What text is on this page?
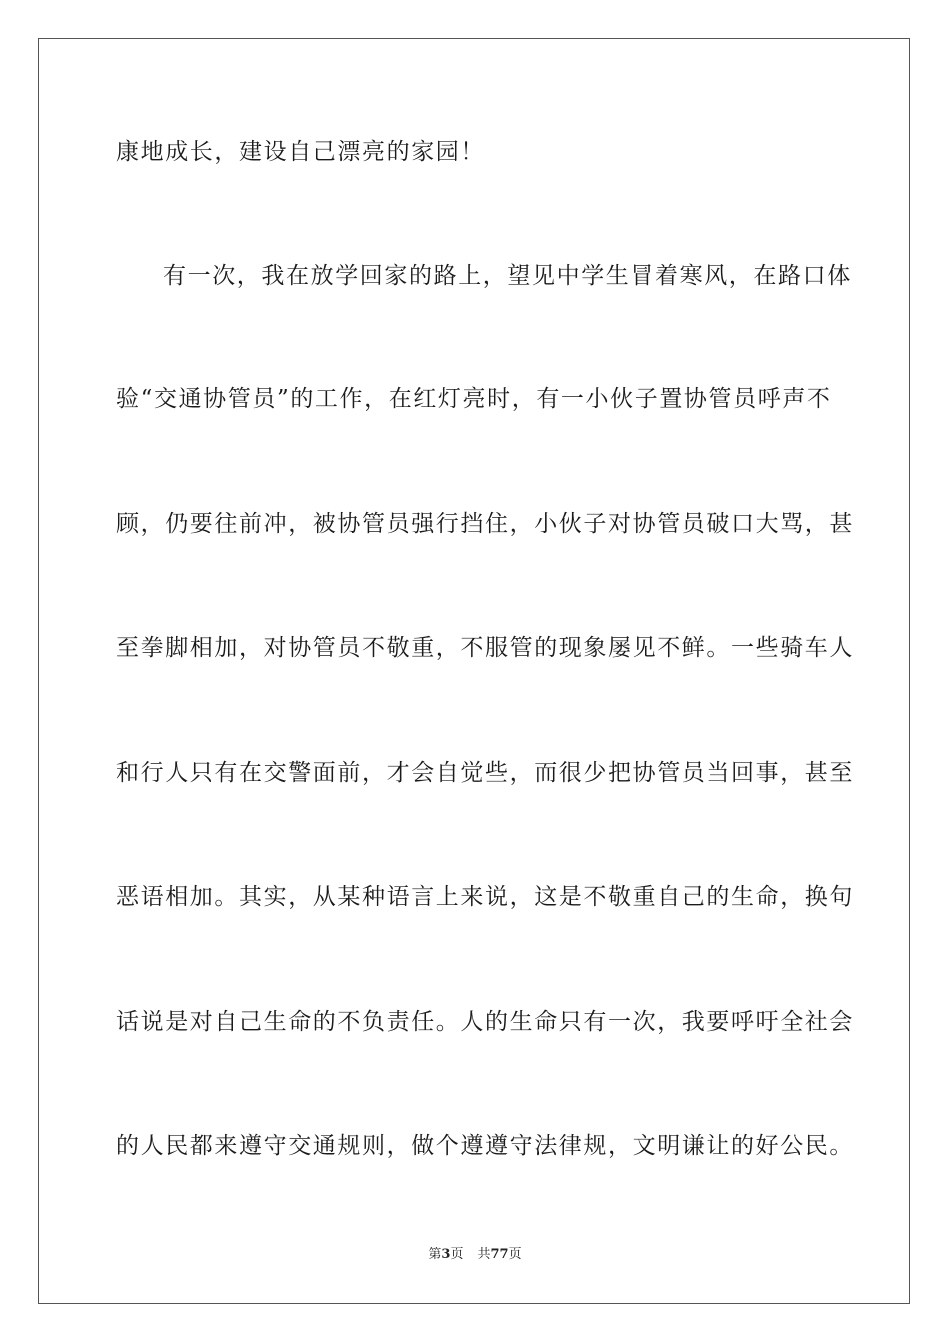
康地成长，建设自己漂亮的家园！
有一次，我在放学回家的路上，望见中学生冒着寒风，在路口体
验“交通协管员”的工作，在红灯亮时，有一小伙子置协管员呼声不
顾，仍要往前冲，被协管员强行挡住，小伙子对协管员破口大骂，甚
至拳脚相加，对协管员不敬重，不服管的现象屡见不鲜。一些骑车人
和行人只有在交警面前，才会自觉些，而很少把协管员当回事，甚至
恶语相加。其实，从某种语言上来说，这是不敬重自己的生命，换句
话说是对自己生命的不负责任。人的生命只有一次，我要呼吁全社会
的人民都来遵守交通规则，做个遵遵守法律规，文明谦让的好公民。
第3页 共77页
